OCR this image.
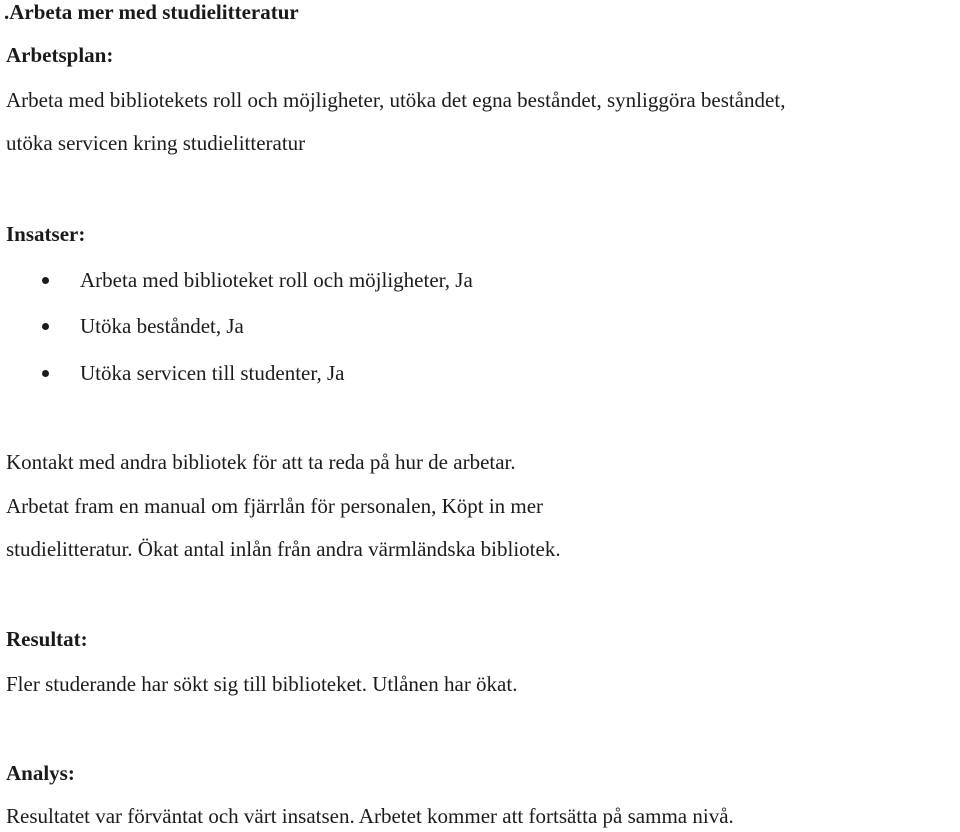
.Arbeta mer med studielitteratur
Arbetsplan:
Arbeta med bibliotekets roll och möjligheter, utöka det egna beståndet, synliggöra beståndet,
utöka servicen kring studielitteratur
Insatser:
Arbeta med biblioteket roll och möjligheter, Ja
Utöka beståndet, Ja
Utöka servicen till studenter, Ja
Kontakt med andra bibliotek för att ta reda på hur de arbetar.
Arbetat fram en manual om fjärrlån för personalen, Köpt in mer
studielitteratur. Ökat antal inlån från andra värmländska bibliotek.
Resultat:
Fler studerande har sökt sig till biblioteket. Utlånen har ökat.
Analys:
Resultatet var förväntat och värt insatsen. Arbetet kommer att fortsätta på samma nivå.
